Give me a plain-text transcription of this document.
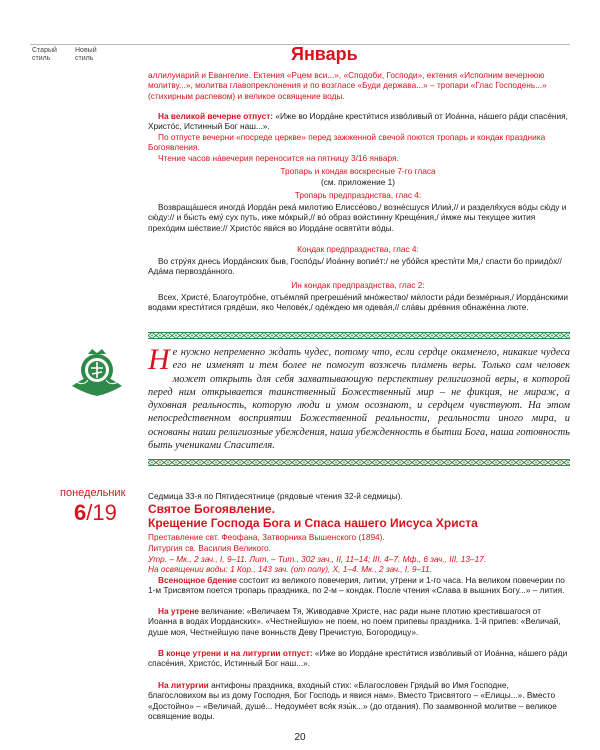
Старый
стиль
Новый
стиль	Январь

аллилуиарий и Евангелие. Ектения «Рцем вси...», «Сподоби, Господи», ектения «Исполним вечернюю молитву...», молитва главопреклонения и по возгласе «Буди держава...» – тропари «Глас Господень...» (стихирным распевом) и великое освящение воды.

На великой вечерне отпуст: «Иже во Иорда́не крести́тися изво́ливый от Иоа́нна, на́шего ра́ди спасе́ния, Христо́с, Истинный Бог наш...».

По отпусте вечерни «посреде церкве» перед зажженной свечой поются тропарь и кондак праздника Богоявления.

Чтение часов на́вечерия переносится на пятницу 3/16 января.

Тропарь и кондак воскресные 7-го гласа

(см. приложение 1)

Тропарь предпразднства, глас 4:

Возвраща́шеся иногда́ Иорда́н река́ милотию Елиссе́ово,/ возне́сшуся Илии́,// и разделя́хуся во́ды сю́ду и сю́ду:// и бы́сть ему́ сух путь, иже мо́крый,// во́ образ вои́стинну Креще́ния,/ и́мже мы текущее жития прехо́дим ше́ствие:// Христо́с яви́ся во Иорда́не освяти́ти во́ды.

Кондак предпразднства, глас 4:

Во стру́ях днесь Иорда́нских быв, Госпо́дь/ Иоа́нну вопие́т:/ не убо́йся крести́ти Мя,/ спасти бо приидо́х// Ада́ма первозда́нного.

Ин кондак предпразднства, глас 2:

Всех, Христе́, Благоутро́бне, отъе́мляй прегреше́ний мно́жество/ ми́лости ра́ди безме́рныя,/ Иорда́нскими водами крести́тися грядёши, яко Челове́к,/ оде́ждею мя одева́я,// сла́вы дре́вния обнаже́нна люте.

Не нужно непременно ждать чудес, потому что, если сердце окаменело, никакие чудеса его не изменят и тем более не помогут возжечь пламень веры. Только сам человек может открыть для себя захватывающую перспективу религиозной веры, в которой перед ним открывается таинственный Божественный мир – не фикция, не мираж, а духовная реальность, которую люди и умом осознают, и сердцем чувствуют. На этом непосредственном восприятии Божественной реальности, реальности иного мира, и основаны наши религиозные убеждения, наша убежденность в бытии Бога, наша готовность быть учениками Спасителя.
понедельник
6/19

Седмица 33-я по Пятидесятнице (рядовые чтения 32-й седмицы).

Святое Богоявление.

Крещение Господа Бога и Спаса нашего Иисуса Христа

Преставление свт. Феофана, Затворника Вышенского (1894).

Литургия св. Василия Великого.

Утр. – Мк., 2 зач., I, 9–11. Лит. – Тит., 302 зач., II, 11–14; III, 4–7. Мф., 6 зач., III, 13–17.

На освящении воды: 1 Кор., 143 зач. (от полу), X, 1–4. Мк., 2 зач., I, 9–11.

Всенощное бдение состоит из великого повечерия, литии, утрени и 1-го часа. На великом повечерии по 1-м Трисвятом поется тропарь праздника, по 2-м – кондак. После чтения «Слава в вышних Богу...» – лития.

На утрене величание: «Величаем Тя, Живодавче Христе, нас ради ныне плотию крестившагося от Иоанна в водах Иорданских». «Честнейшую» не поем, но поем припевы праздника. 1-й припев: «Величай, душе моя, Честнейшую паче вонньств Деву Пречистую, Богородицу».

В конце утрени и на литургии отпуст: «Иже во Иорда́не крести́тися изво́ливый от Иоа́нна, на́шего ра́ди спасе́ния, Христо́с, Истинный Бог наш...».

На литургии антифоны праздника, входный стих: «Благословен Грядый во Имя Господне, благословихом вы из дому Господня, Бог Господь и явися нам». Вместо Трисвятого – «Елицы...». Вместо «Достойно» – «Величай, душé... Недоумéет вся́к язы́к...» (до отдания). По заамвонной молитве – великое освящение воды.

20
